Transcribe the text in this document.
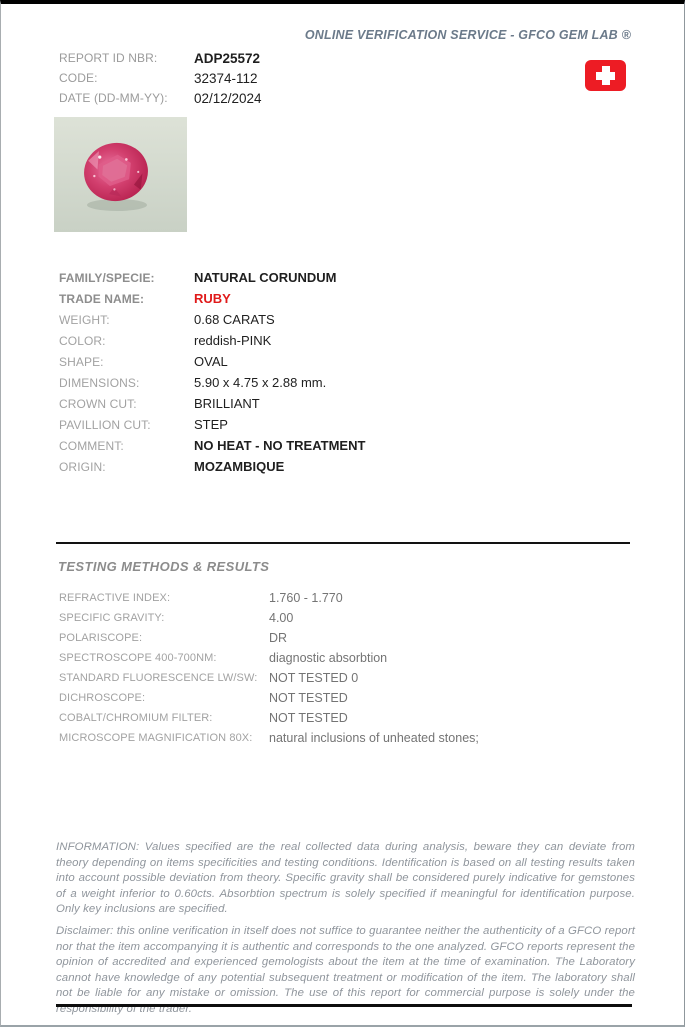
ONLINE VERIFICATION SERVICE - GFCO GEM LAB ®
REPORT ID NBR:	ADP25572
CODE:	32374-112
DATE (DD-MM-YY):	02/12/2024
FAMILY/SPECIE:	NATURAL CORUNDUM
TRADE NAME:	RUBY
WEIGHT:	0.68 CARATS
COLOR:	reddish-PINK
SHAPE:	OVAL
DIMENSIONS:	5.90 x 4.75 x 2.88 mm.
CROWN CUT:	BRILLIANT
PAVILLION CUT:	STEP
COMMENT:	NO HEAT - NO TREATMENT
ORIGIN:	MOZAMBIQUE
TESTING METHODS & RESULTS
REFRACTIVE INDEX:	1.760 - 1.770
SPECIFIC GRAVITY:	4.00
POLARISCOPE:	DR
SPECTROSCOPE 400-700NM:	diagnostic absorbtion
STANDARD FLUORESCENCE LW/SW: NOT TESTED 0
DICHROSCOPE:	NOT TESTED
COBALT/CHROMIUM FILTER:	NOT TESTED
MICROSCOPE MAGNIFICATION 80X:	natural inclusions of unheated stones;

INFORMATION: Values specified are the real collected data during analysis, beware they can deviate from theory depending on items specificities and testing conditions. Identification is based on all testing results taken into account possible deviation from theory. Specific gravity shall be considered purely indicative for gemstones of a weight inferior to 0.60cts. Absorbtion spectrum is solely specified if meaningful for identification purpose. Only key inclusions are specified.

Disclaimer: this online verification in itself does not suffice to guarantee neither the authenticity of a GFCO report nor that the item accompanying it is authentic and corresponds to the one analyzed. GFCO reports represent the opinion of accredited and experienced gemologists about the item at the time of examination. The Laboratory cannot have knowledge of any potential subsequent treatment or modification of the item. The laboratory shall not be liable for any mistake or omission. The use of this report for commercial purpose is solely under the responsibility of the trader.
